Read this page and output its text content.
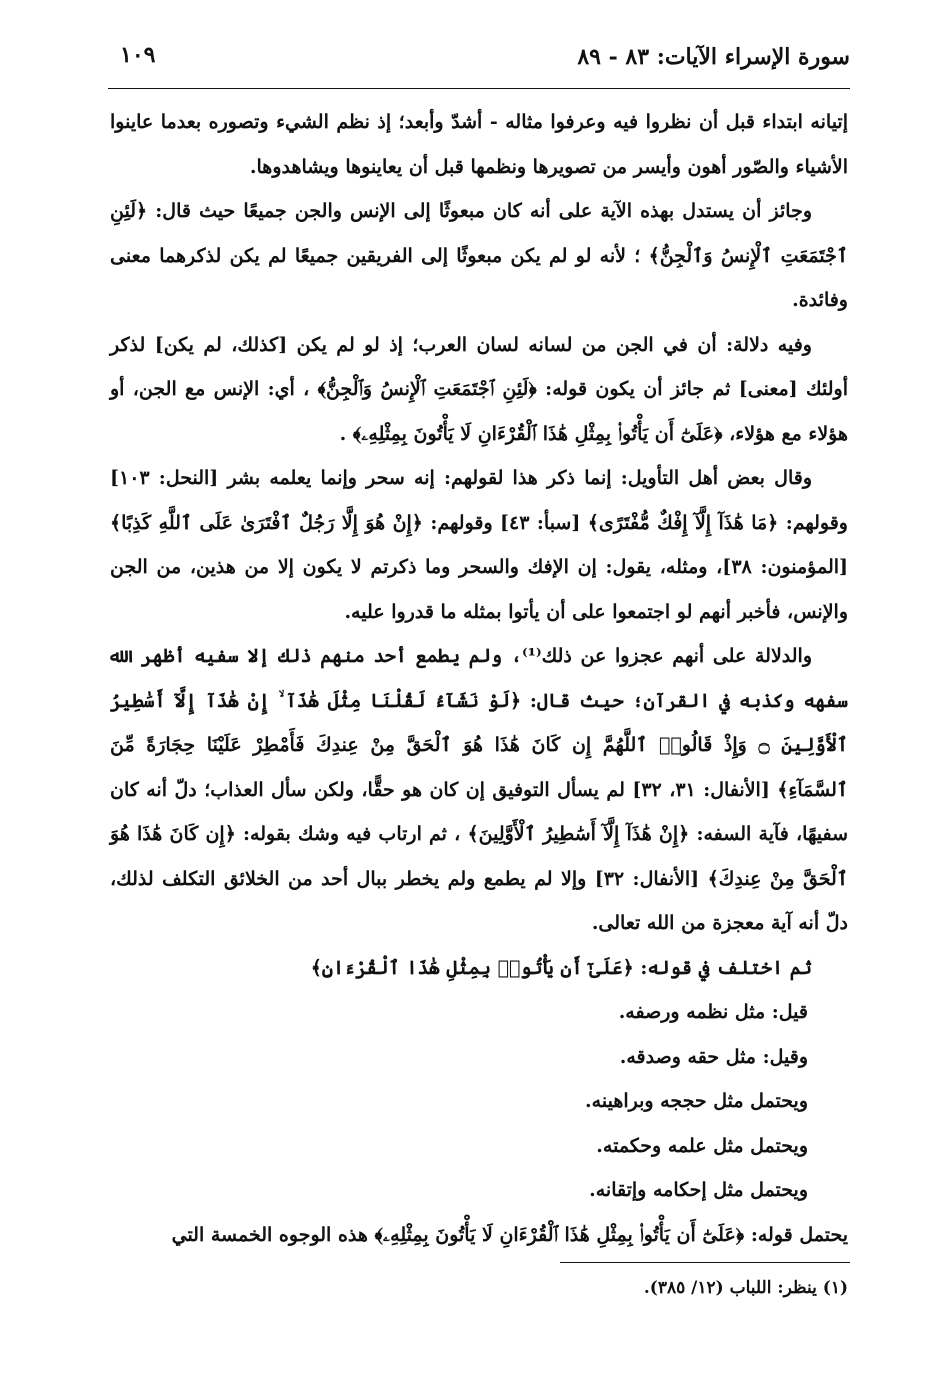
سورة الإسراء الآيات: ٨٣ - ٨٩
١٠٩

إتيانه ابتداء قبل أن نظروا فيه وعرفوا مثاله - أشدّ وأبعد؛ إذ نظم الشيء وتصوره بعدما عاينوا الأشياء والصّور أهون وأيسر من تصويرها ونظمها قبل أن يعاينوها ويشاهدوها.

وجائز أن يستدل بهذه الآية على أنه كان مبعوثًا إلى الإنس والجن جميعًا حيث قال: ﴿لَئِنِ ٱجْتَمَعَتِ ٱلْإِنسُ وَٱلْجِنُّ﴾ ؛ لأنه لو لم يكن مبعوثًا إلى الفريقين جميعًا لم يكن لذكرهما معنى وفائدة.

وفيه دلالة: أن في الجن من لسانه لسان العرب؛ إذ لو لم يكن [كذلك، لم يكن] لذكر أولئك [معنى] ثم جائز أن يكون قوله: ﴿لَئِنِ ٱجْتَمَعَتِ ٱلْإِنسُ وَٱلْجِنُّ﴾ ، أي: الإنس مع الجن، أو هؤلاء مع هؤلاء، ﴿عَلَىٰٓ أَن يَأْتُوا۟ بِمِثْلِ هَٰذَا ٱلْقُرْءَانِ لَا يَأْتُونَ بِمِثْلِهِۦ﴾ .

وقال بعض أهل التأويل: إنما ذكر هذا لقولهم: إنه سحر وإنما يعلمه بشر [النحل: ١٠٣] وقولهم: ﴿مَا هَٰذَآ إِلَّآ إِفْكٌ مُّفْتَرًى﴾ [سبأ: ٤٣] وقولهم: ﴿إِنْ هُوَ إِلَّا رَجُلٌ ٱفْتَرَىٰ عَلَى ٱللَّهِ كَذِبًا﴾ [المؤمنون: ٣٨]، ومثله، يقول: إن الإفك والسحر وما ذكرتم لا يكون إلا من هذين، من الجن والإنس، فأخبر أنهم لو اجتمعوا على أن يأتوا بمثله ما قدروا عليه.

والدلالة على أنهم عجزوا عن ذلك⁽¹⁾، ولم يطمع أحد منهم ذلك إلا سفيه أظهر الله سفهه وكذبه في القرآن؛ حيث قال: ﴿لَوْ نَشَآءُ لَقُلْنَا مِثْلَ هَٰذَآ ۙ إِنْ هَٰذَآ إِلَّآ أَسَٰطِيرُ ٱلْأَوَّلِينَ ۝ وَإِذْ قَالُوا۟ ٱللَّهُمَّ إِن كَانَ هَٰذَا هُوَ ٱلْحَقَّ مِنْ عِندِكَ فَأَمْطِرْ عَلَيْنَا حِجَارَةً مِّنَ ٱلسَّمَآءِ﴾ [الأنفال: ٣١، ٣٢] لم يسأل التوفيق إن كان هو حقًّا، ولكن سأل العذاب؛ دلّ أنه كان سفيهًا، فآية السفه: ﴿إِنْ هَٰذَآ إِلَّآ أَسَٰطِيرُ ٱلْأَوَّلِينَ﴾ ، ثم ارتاب فيه وشك بقوله: ﴿إِن كَانَ هَٰذَا هُوَ ٱلْحَقَّ مِنْ عِندِكَ﴾ [الأنفال: ٣٢] وإلا لم يطمع ولم يخطر ببال أحد من الخلائق التكلف لذلك، دلّ أنه آية معجزة من الله تعالى.

ثم اختلف في قوله: ﴿عَلَىٰٓ أَن يَأْتُوا۟ بِمِثْلِ هَٰذَا ٱلْقُرْءَانِ﴾

قيل: مثل نظمه ورصفه.

وقيل: مثل حقه وصدقه.

ويحتمل مثل حججه وبراهينه.

ويحتمل مثل علمه وحكمته.

ويحتمل مثل إحكامه وإتقانه.

يحتمل قوله: ﴿عَلَىٰٓ أَن يَأْتُوا۟ بِمِثْلِ هَٰذَا ٱلْقُرْءَانِ لَا يَأْتُونَ بِمِثْلِهِۦ﴾ هذه الوجوه الخمسة التي

(١) ينظر: اللباب (١٢/ ٣٨٥).
